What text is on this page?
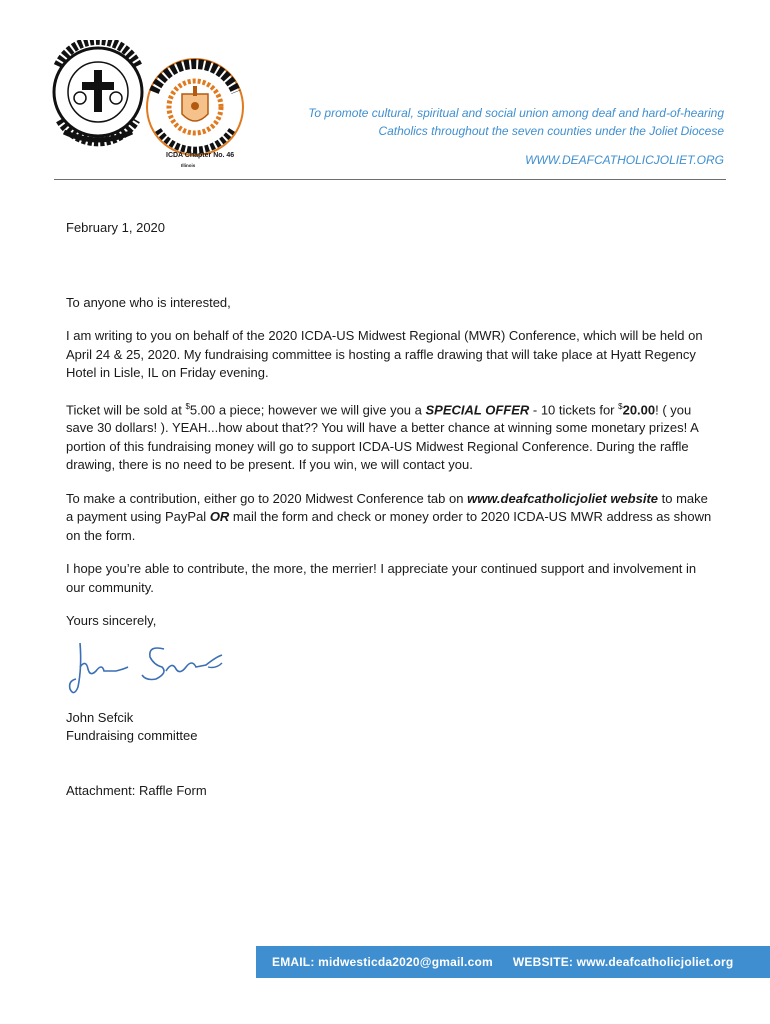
ICDA Chapter No. 46
Illinois
To promote cultural, spiritual and social union among deaf and hard-of-hearing Catholics throughout the seven counties under the Joliet Diocese
WWW.DEAFCATHOLICJOLIET.ORG

February 1, 2020

To anyone who is interested,

I am writing to you on behalf of the 2020 ICDA-US Midwest Regional (MWR) Conference, which will be held on April 24 & 25, 2020. My fundraising committee is hosting a raffle drawing that will take place at Hyatt Regency Hotel in Lisle, IL on Friday evening.

Ticket will be sold at $5.00 a piece; however we will give you a SPECIAL OFFER - 10 tickets for $20.00! ( you save 30 dollars! ). YEAH...how about that?? You will have a better chance at winning some monetary prizes! A portion of this fundraising money will go to support ICDA-US Midwest Regional Conference. During the raffle drawing, there is no need to be present. If you win, we will contact you.

To make a contribution, either go to 2020 Midwest Conference tab on www.deafcatholicjoliet website to make a payment using PayPal OR mail the form and check or money order to 2020 ICDA-US MWR address as shown on the form.

I hope you’re able to contribute, the more, the merrier! I appreciate your continued support and involvement in our community.

Yours sincerely,

John Sefcik

Fundraising committee

Attachment: Raffle Form

EMAIL:
midwesticda2020@gmail.com WEBSITE:
www.deafcatholicjoliet.org
